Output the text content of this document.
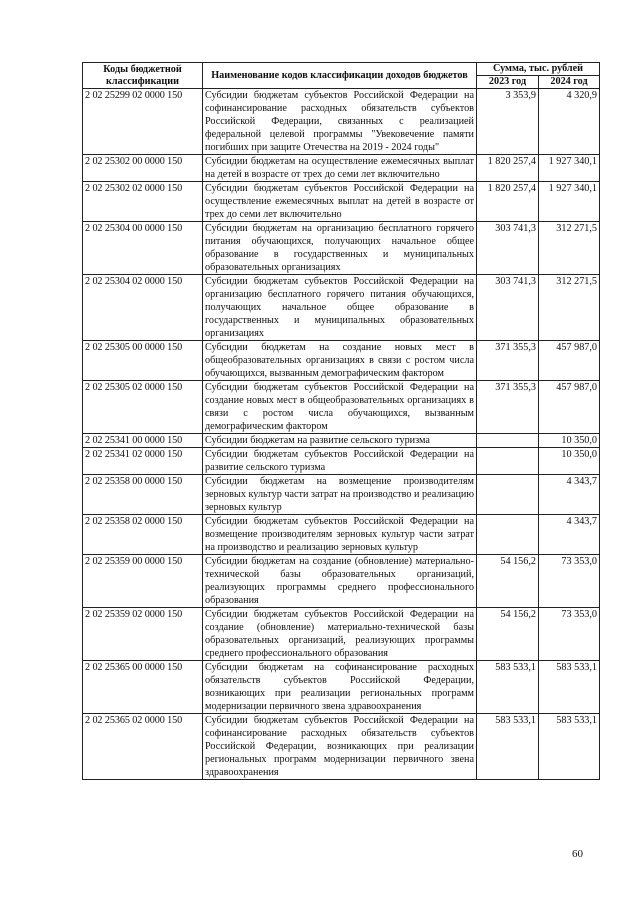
Коды бюджетной классификации	Наименование кодов классификации доходов бюджетов	Сумма, тыс. рублей	
		2023 год	2024 год
2 02 25299 02 0000 150	Субсидии бюджетам субъектов Российской Федерации на софинансирование расходных обязательств субъектов Российской Федерации, связанных с реализацией федеральной целевой программы "Увековечение памяти погибших при защите Отечества на 2019 - 2024 годы"	3 353,9	4 320,9
2 02 25302 00 0000 150	Субсидии бюджетам на осуществление ежемесячных выплат на детей в возрасте от трех до семи лет включительно	1 820 257,4	1 927 340,1
2 02 25302 02 0000 150	Субсидии бюджетам субъектов Российской Федерации на осуществление ежемесячных выплат на детей в возрасте от трех до семи лет включительно	1 820 257,4	1 927 340,1
2 02 25304 00 0000 150	Субсидии бюджетам на организацию бесплатного горячего питания обучающихся, получающих начальное общее образование в государственных и муниципальных образовательных организациях	303 741,3	312 271,5
2 02 25304 02 0000 150	Субсидии бюджетам субъектов Российской Федерации на организацию бесплатного горячего питания обучающихся, получающих начальное общее образование в государственных и муниципальных образовательных организациях	303 741,3	312 271,5
2 02 25305 00 0000 150	Субсидии бюджетам на создание новых мест в общеобразовательных организациях в связи с ростом числа обучающихся, вызванным демографическим фактором	371 355,3	457 987,0
2 02 25305 02 0000 150	Субсидии бюджетам субъектов Российской Федерации на создание новых мест в общеобразовательных организациях в связи с ростом числа обучающихся, вызванным демографическим фактором	371 355,3	457 987,0
2 02 25341 00 0000 150	Субсидии бюджетам на развитие сельского туризма		10 350,0
2 02 25341 02 0000 150	Субсидии бюджетам субъектов Российской Федерации на развитие сельского туризма		10 350,0
2 02 25358 00 0000 150	Субсидии бюджетам на возмещение производителям зерновых культур части затрат на производство и реализацию зерновых культур		4 343,7
2 02 25358 02 0000 150	Субсидии бюджетам субъектов Российской Федерации на возмещение производителям зерновых культур части затрат на производство и реализацию зерновых культур		4 343,7
2 02 25359 00 0000 150	Субсидии бюджетам на создание (обновление) материально-технической базы образовательных организаций, реализующих программы среднего профессионального образования	54 156,2	73 353,0
2 02 25359 02 0000 150	Субсидии бюджетам субъектов Российской Федерации на создание (обновление) материально-технической базы образовательных организаций, реализующих программы среднего профессионального образования	54 156,2	73 353,0
2 02 25365 00 0000 150	Субсидии бюджетам на софинансирование расходных обязательств субъектов Российской Федерации, возникающих при реализации региональных программ модернизации первичного звена здравоохранения	583 533,1	583 533,1
2 02 25365 02 0000 150	Субсидии бюджетам субъектов Российской Федерации на софинансирование расходных обязательств субъектов Российской Федерации, возникающих при реализации региональных программ модернизации первичного звена здравоохранения	583 533,1	583 533,1
60
